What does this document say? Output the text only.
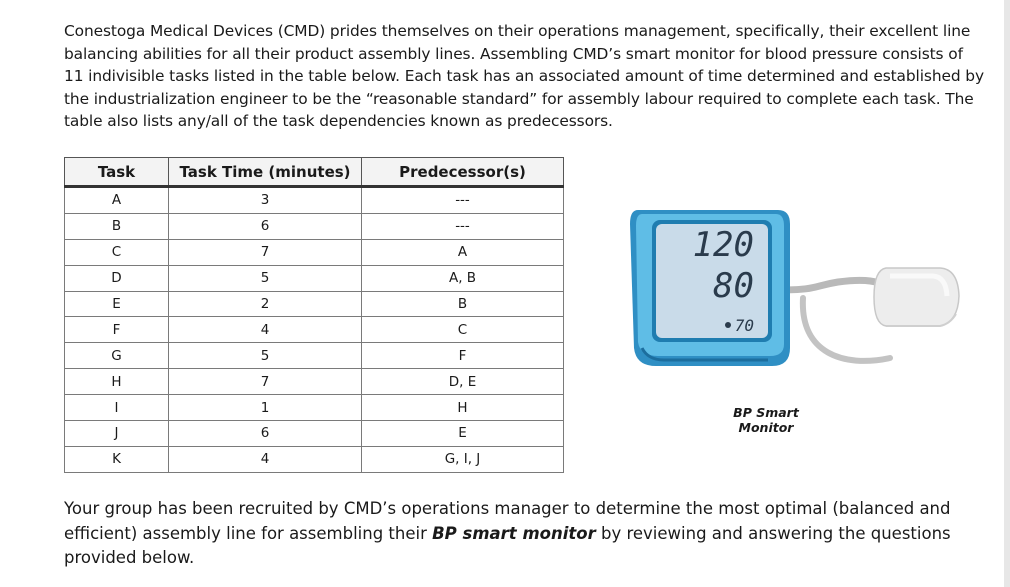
Conestoga Medical Devices (CMD) prides themselves on their operations management, specifically, their excellent line balancing abilities for all their product assembly lines. Assembling CMD’s smart monitor for blood pressure consists of 11 indivisible tasks listed in the table below. Each task has an associated amount of time determined and established by the industrialization engineer to be the “reasonable standard” for assembly labour required to complete each task. The table also lists any/all of the task dependencies known as predecessors.

Task	Task Time (minutes)	Predecessor(s)
A	3	---
B	6	---
C	7	A
D	5	A, B
E	2	B
F	4	C
G	5	F
H	7	D, E
I	1	H
J	6	E
K	4	G, I, J
120
80
70
BP Smart Monitor

Your group has been recruited by CMD’s operations manager to determine the most optimal (balanced and efficient) assembly line for assembling their BP smart monitor by reviewing and answering the questions provided below.
